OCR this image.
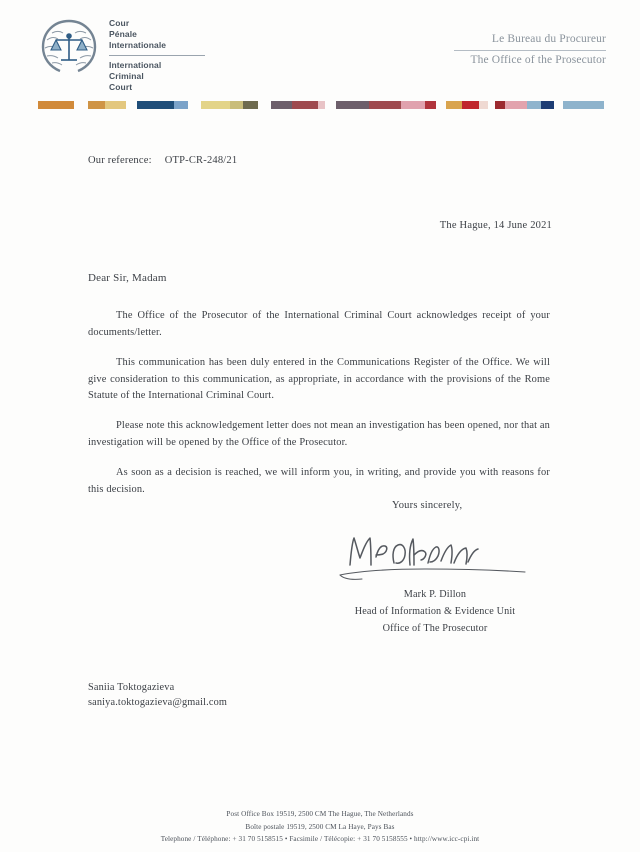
Cour
Pénale
Internationale
International
Criminal
Court
Le Bureau du Procureur
The Office of the Prosecutor
Our reference: OTP-CR-248/21
The Hague, 14 June 2021
Dear Sir, Madam

The Office of the Prosecutor of the International Criminal Court acknowledges receipt of your documents/letter.

This communication has been duly entered in the Communications Register of the Office. We will give consideration to this communication, as appropriate, in accordance with the provisions of the Rome Statute of the International Criminal Court.

Please note this acknowledgement letter does not mean an investigation has been opened, nor that an investigation will be opened by the Office of the Prosecutor.

As soon as a decision is reached, we will inform you, in writing, and provide you with reasons for this decision.

Yours sincerely,
Mark P. Dillon
Head of Information & Evidence Unit
Office of The Prosecutor
Saniia Toktogazieva
saniya.toktogazieva@gmail.com
Post Office Box 19519, 2500 CM The Hague, The Netherlands
Boîte postale 19519, 2500 CM La Haye, Pays Bas
Telephone / Téléphone: + 31 70 5158515 • Facsimile / Télécopie: + 31 70 5158555 • http://www.icc-cpi.int
